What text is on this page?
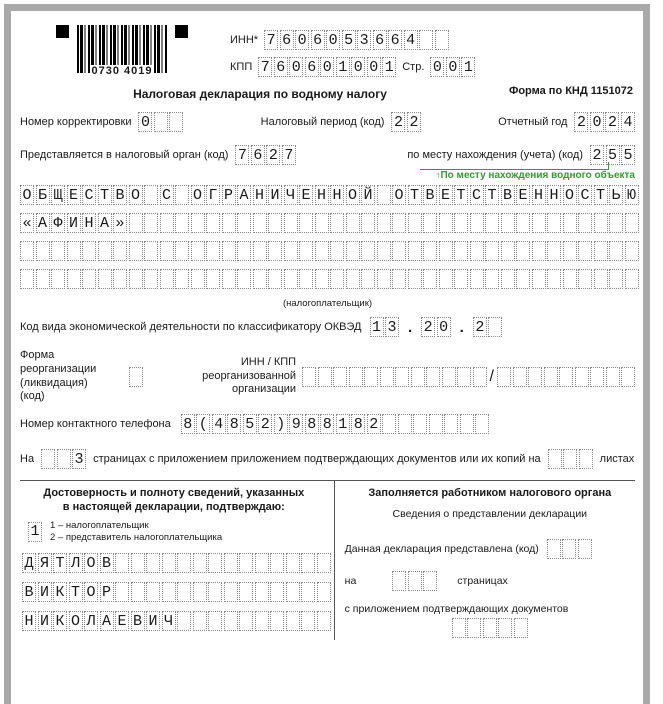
0730 4019
ИНН* 7 6 0 6 0 5 3 6 6 4
КПП 7 6 0 6 0 1 0 0 1 Стр. 0 0 1
Налоговая декларация по водному налогу	Форма по КНД 1151072
Номер корректировки 0	Налоговый период (код) 2 2	Отчетный год 2 0 2 4
Представляется в налоговый орган (код) 7 6 2 7	по месту нахождения (учета) (код) 2 5 5
↑По месту нахождения водного объекта
О Б Щ Е С Т В О С О Г Р А Н И Ч Е Н Н О Й О Т В Е Т С Т В Е Н Н О С Т Ь Ю

« А Ф И Н А »

(налогоплательщик)
Код вида экономической деятельности по классификатору ОКВЭД 1 3 . 2 0 . 2
Форма реорганизации
(ликвидация) (код)
ИНН / КПП реорганизованной
организации
/
Номер контактного телефона 8 ( 4 8 5 2 ) 9 8 8 1 8 2
На	3 страницах с приложением приложением подтверждающих документов или их копий на	листах
Достоверность и полноту сведений, указанных
в настоящей декларации, подтверждаю:
1 1 – налогоплательщик
2 – представитель налогоплательщика
Д Я Т Л О В

В И К Т О Р

Н И К О Л А Е В И Ч
Заполняется работником налогового органа
Сведения о представлении декларации
Данная декларация представлена (код)
на	страницах
с приложением подтверждающих документов
